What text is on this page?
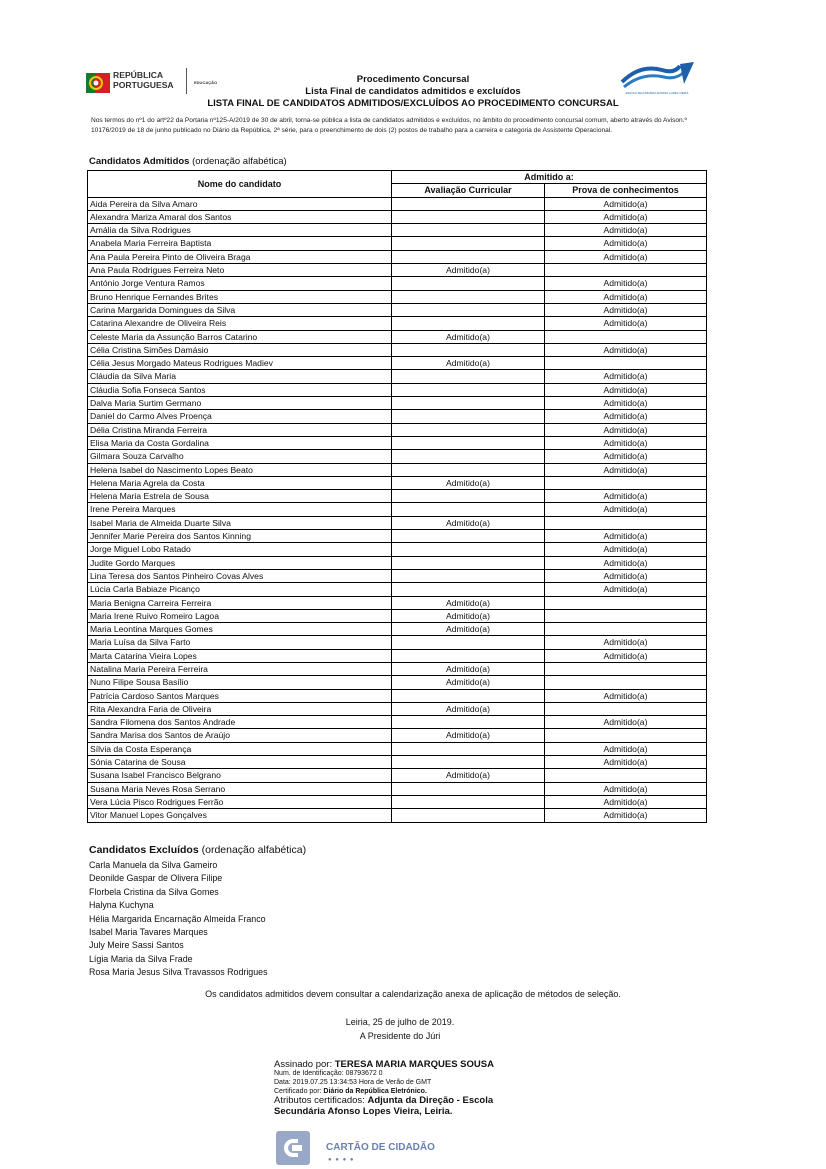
REPÚBLICA
PORTUGUESA	EDUCAÇÃO
ESCOLA SECUNDÁRIA AFONSO LOPES VIEIRA
Procedimento Concursal
Lista Final de candidatos admitidos e excluídos
LISTA FINAL DE CANDIDATOS ADMITIDOS/EXCLUÍDOS AO PROCEDIMENTO CONCURSAL
Nos termos do nº1 do artº22 da Portaria nº125-A/2019 de 30 de abril, torna-se pública a lista de candidatos admitidos e excluídos, no âmbito do procedimento concursal comum, aberto através do Avison.º 10176/2019 de 18 de junho publicado no Diário da República, 2ª série, para o preenchimento de dois (2) postos de trabalho para a carreira e categoria de Assistente Operacional.
Candidatos Admitidos (ordenação alfabética)
Nome do candidato	Admitido a:	
	Avaliação Curricular	Prova de conhecimentos
Aida Pereira da Silva Amaro		Admitido(a)
Alexandra Mariza Amaral dos Santos		Admitido(a)
Amália da Silva Rodrigues		Admitido(a)
Anabela Maria Ferreira Baptista		Admitido(a)
Ana Paula Pereira Pinto de Oliveira Braga		Admitido(a)
Ana Paula Rodrigues Ferreira Neto	Admitido(a)	
António Jorge Ventura Ramos		Admitido(a)
Bruno Henrique Fernandes Brites		Admitido(a)
Carina Margarida Domingues da Silva		Admitido(a)
Catarina Alexandre de Oliveira Reis		Admitido(a)
Celeste Maria da Assunção Barros Catarino	Admitido(a)	
Célia Cristina Simões Damásio		Admitido(a)
Célia Jesus Morgado Mateus Rodrigues Madiev	Admitido(a)	
Cláudia da Silva Maria		Admitido(a)
Cláudia Sofia Fonseca Santos		Admitido(a)
Dalva Maria Surtim Germano		Admitido(a)
Daniel do Carmo Alves Proença		Admitido(a)
Délia Cristina Miranda Ferreira		Admitido(a)
Elisa Maria da Costa Gordalina		Admitido(a)
Gilmara Souza Carvalho		Admitido(a)
Helena Isabel do Nascimento Lopes Beato		Admitido(a)
Helena Maria Agrela da Costa	Admitido(a)	
Helena Maria Estrela de Sousa		Admitido(a)
Irene Pereira Marques		Admitido(a)
Isabel Maria de Almeida Duarte Silva	Admitido(a)	
Jennifer Marie Pereira dos Santos Kinning		Admitido(a)
Jorge Miguel Lobo Ratado		Admitido(a)
Judite Gordo Marques		Admitido(a)
Lina Teresa dos Santos Pinheiro Covas Alves		Admitido(a)
Lúcia Carla Babiaze Picanço		Admitido(a)
Maria Benigna Carreira Ferreira	Admitido(a)	
Maria Irene Ruivo Romeiro Lagoa	Admitido(a)	
Maria Leontina Marques Gomes	Admitido(a)	
Maria Luísa da Silva Farto		Admitido(a)
Marta Catarina Vieira Lopes		Admitido(a)
Natalina Maria Pereira Ferreira	Admitido(a)	
Nuno Filipe Sousa Basílio	Admitido(a)	
Patrícia Cardoso Santos Marques		Admitido(a)
Rita Alexandra Faria de Oliveira	Admitido(a)	
Sandra Filomena dos Santos Andrade		Admitido(a)
Sandra Marisa dos Santos de Araújo	Admitido(a)	
Sílvia da Costa Esperança		Admitido(a)
Sónia Catarina de Sousa		Admitido(a)
Susana Isabel Francisco Belgrano	Admitido(a)	
Susana Maria Neves Rosa Serrano		Admitido(a)
Vera Lúcia Pisco Rodrigues Ferrão		Admitido(a)
Vitor Manuel Lopes Gonçalves		Admitido(a)
Candidatos Excluídos (ordenação alfabética)
Carla Manuela da Silva Gameiro
Deonilde Gaspar de Olivera Filipe
Florbela Cristina da Silva Gomes
Halyna Kuchyna
Hélia Margarida Encarnação Almeida Franco
Isabel Maria Tavares Marques
July Meire Sassi Santos
Lígia Maria da Silva Frade
Rosa Maria Jesus Silva Travassos Rodrigues
Os candidatos admitidos devem consultar a calendarização anexa de aplicação de métodos de seleção.
Leiria, 25 de julho de 2019.
A Presidente do Júri
Assinado por: TERESA MARIA MARQUES SOUSA
Num. de Identificação: 08793672 0
Data: 2019.07.25 13:34:53 Hora de Verão de GMT
Certificado por: Diário da República Eletrónico.
Atributos certificados: Adjunta da Direção - Escola Secundária Afonso Lopes Vieira, Leiria.
CARTÃO DE CIDADÃO
● ● ● ●
